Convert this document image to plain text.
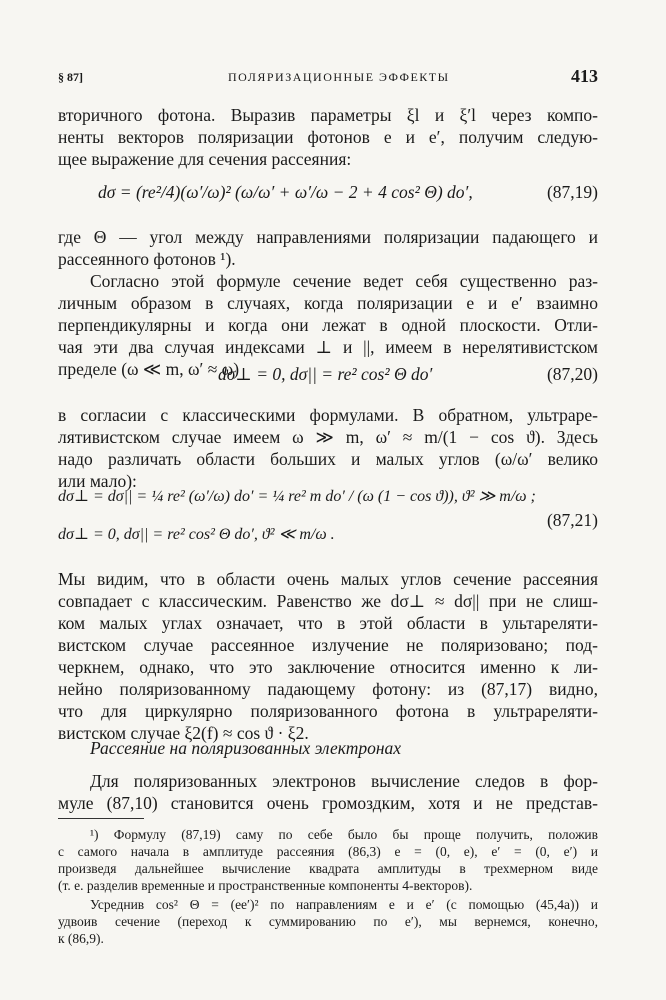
§ 87]	ПОЛЯРИЗАЦИОННЫЕ ЭФФЕКТЫ	413
вторичного фотона. Выразив параметры ξl и ξ′l через компо-
ненты векторов поляризации фотонов e и e′, получим следую-
щее выражение для сечения рассеяния:
dσ = (re²/4)(ω′/ω)² (ω/ω′ + ω′/ω − 2 + 4 cos² Θ) do′,	(87,19)
где Θ — угол между направлениями поляризации падающего и
рассеянного фотонов ¹).
Согласно этой формуле сечение ведет себя существенно раз-
личным образом в случаях, когда поляризации e и e′ взаимно
перпендикулярны и когда они лежат в одной плоскости. Отли-
чая эти два случая индексами ⊥ и ||, имеем в нерелятивистском
пределе (ω ≪ m, ω′ ≈ ω)
dσ⊥ = 0, dσ|| = re² cos² Θ do′	(87,20)
в согласии с классическими формулами. В обратном, ультраре-
лятивистском случае имеем ω ≫ m, ω′ ≈ m/(1 − cos ϑ). Здесь
надо различать области больших и малых углов (ω/ω′ велико
или мало):
dσ⊥ = dσ|| = ¼ re² (ω′/ω) do′ = ¼ re² m do′ / (ω (1 − cos ϑ)), ϑ² ≫ m/ω ;
dσ⊥ = 0, dσ|| = re² cos² Θ do′, ϑ² ≪ m/ω .
(87,21)
Мы видим, что в области очень малых углов сечение рассеяния
совпадает с классическим. Равенство же dσ⊥ ≈ dσ|| при не слиш-
ком малых углах означает, что в этой области в ультареляти-
вистском случае рассеянное излучение не поляризовано; под-
черкнем, однако, что это заключение относится именно к ли-
нейно поляризованному падающему фотону: из (87,17) видно,
что для циркулярно поляризованного фотона в ультрареляти-
вистском случае ξ2(f) ≈ cos ϑ · ξ2.
Рассеяние на поляризованных электронах
Для поляризованных электронов вычисление следов в фор-
муле (87,10) становится очень громоздким, хотя и не представ-
¹) Формулу (87,19) саму по себе было бы проще получить, положив
с самого начала в амплитуде рассеяния (86,3) e = (0, e), e′ = (0, e′) и
произведя дальнейшее вычисление квадрата амплитуды в трехмерном виде
(т. е. разделив временные и пространственные компоненты 4-векторов).
Усреднив cos² Θ = (ee′)² по направлениям e и e′ (с помощью (45,4а)) и
удвоив сечение (переход к суммированию по e′), мы вернемся, конечно,
к (86,9).
